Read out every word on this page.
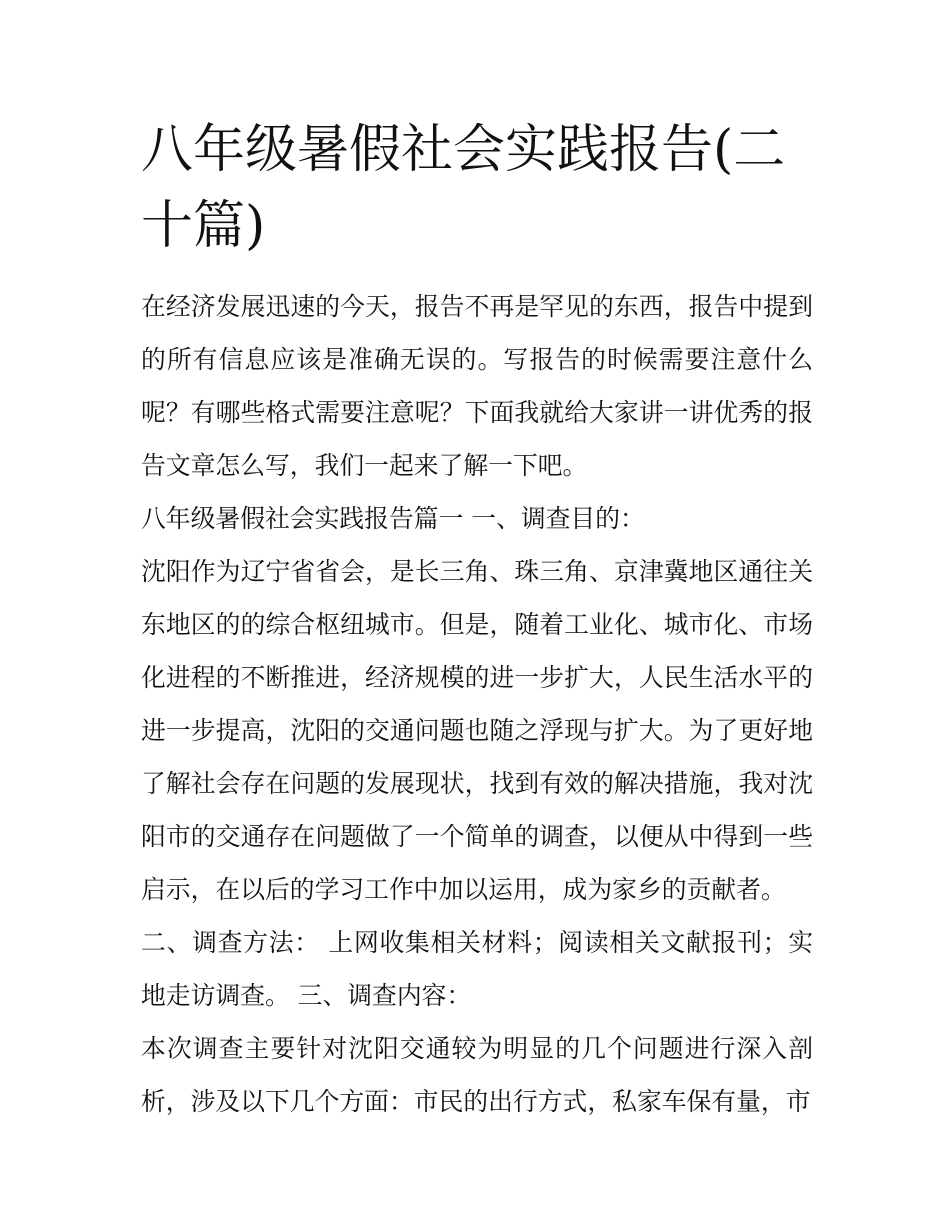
八年级暑假社会实践报告(二十篇)

在经济发展迅速的今天，报告不再是罕见的东西，报告中提到的所有信息应该是准确无误的。写报告的时候需要注意什么呢？有哪些格式需要注意呢？下面我就给大家讲一讲优秀的报告文章怎么写，我们一起来了解一下吧。

八年级暑假社会实践报告篇一 一、调查目的：

沈阳作为辽宁省省会，是长三角、珠三角、京津冀地区通往关东地区的的综合枢纽城市。但是，随着工业化、城市化、市场化进程的不断推进，经济规模的进一步扩大，人民生活水平的进一步提高，沈阳的交通问题也随之浮现与扩大。为了更好地了解社会存在问题的发展现状，找到有效的解决措施，我对沈阳市的交通存在问题做了一个简单的调查，以便从中得到一些启示，在以后的学习工作中加以运用，成为家乡的贡献者。

二、调查方法： 上网收集相关材料；阅读相关文献报刊；实地走访调查。 三、调查内容：

本次调查主要针对沈阳交通较为明显的几个问题进行深入剖析，涉及以下几个方面：市民的出行方式，私家车保有量，市
